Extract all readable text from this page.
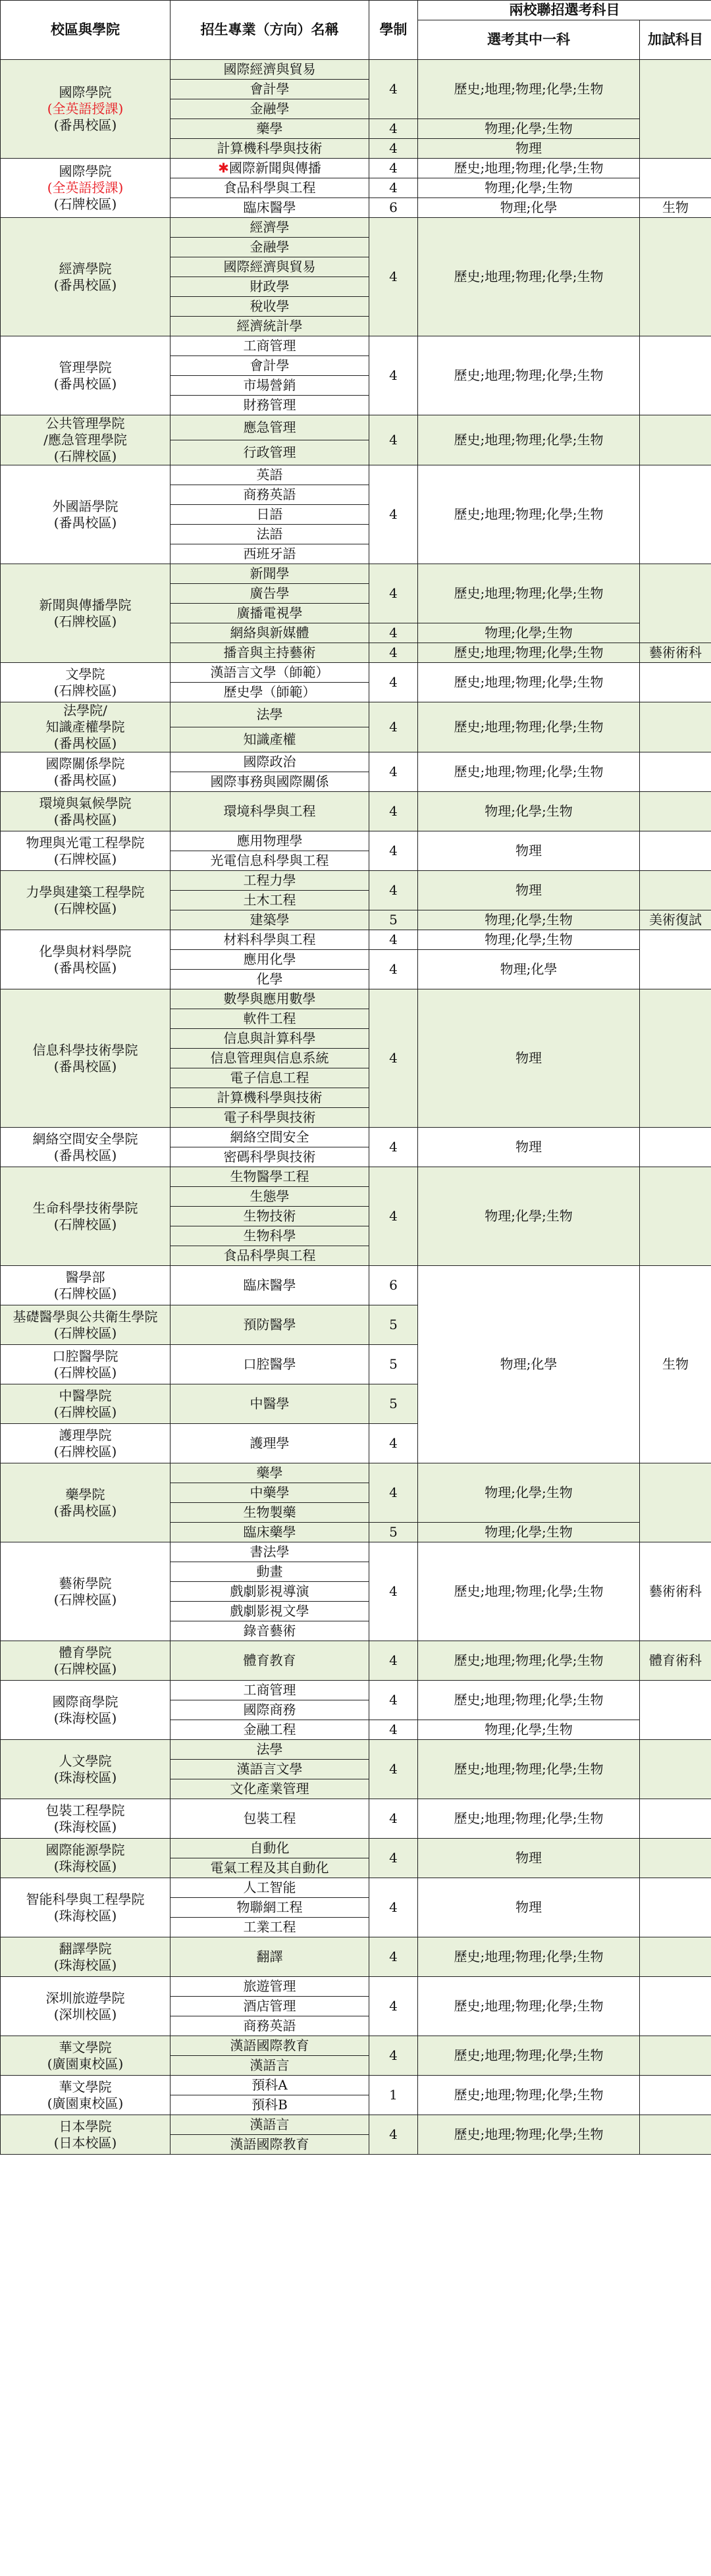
校區與學院	招生專業（方向）名稱	學制	兩校聯招選考科目	
			選考其中一科	加試科目

國際學院
(全英語授課)
(番禺校區)	國際經濟與貿易	4	歷史;地理;物理;化學;生物	
	會計學			
	金融學			
	藥學	4	物理;化學;生物	
	計算機科學與技術	4	物理	

國際學院
(全英語授課)
(石牌校區)	✱國際新聞與傳播	4	歷史;地理;物理;化學;生物	
	食品科學與工程	4	物理;化學;生物	
	臨床醫學	6	物理;化學	生物

經濟學院
(番禺校區)	經濟學	4	歷史;地理;物理;化學;生物	
	金融學			
	國際經濟與貿易			
	財政學			
	稅收學			
	經濟統計學			

管理學院
(番禺校區)	工商管理	4	歷史;地理;物理;化學;生物	
	會計學			
	市場營銷			
	財務管理			

公共管理學院
/應急管理學院
(石牌校區)	應急管理	4	歷史;地理;物理;化學;生物	
	行政管理			

外國語學院
(番禺校區)	英語	4	歷史;地理;物理;化學;生物	
	商務英語			
	日語			
	法語			
	西班牙語			

新聞與傳播學院
(石牌校區)	新聞學	4	歷史;地理;物理;化學;生物	
	廣告學			
	廣播電視學			
	網絡與新媒體	4	物理;化學;生物	
	播音與主持藝術	4	歷史;地理;物理;化學;生物	藝術術科

文學院
(石牌校區)	漢語言文學（師範）	4	歷史;地理;物理;化學;生物	
	歷史學（師範）			

法學院/
知識產權學院
(番禺校區)	法學	4	歷史;地理;物理;化學;生物	
	知識產權			

國際關係學院
(番禺校區)	國際政治	4	歷史;地理;物理;化學;生物	
	國際事務與國際關係			

環境與氣候學院
(番禺校區)	環境科學與工程	4	物理;化學;生物	

物理與光電工程學院
(石牌校區)	應用物理學	4	物理	
	光電信息科學與工程			

力學與建築工程學院
(石牌校區)	工程力學	4	物理	
	土木工程			
	建築學	5	物理;化學;生物	美術復試

化學與材料學院
(番禺校區)	材料科學與工程	4	物理;化學;生物	
	應用化學	4	物理;化學	
	化學			

信息科學技術學院
(番禺校區)	數學與應用數學	4	物理	
	軟件工程			
	信息與計算科學			
	信息管理與信息系統			
	電子信息工程			
	計算機科學與技術			
	電子科學與技術			

網絡空間安全學院
(番禺校區)	網絡空間安全	4	物理	
	密碼科學與技術			

生命科學技術學院
(石牌校區)	生物醫學工程	4	物理;化學;生物	
	生態學			
	生物技術			
	生物科學			
	食品科學與工程			

醫學部
(石牌校區)	臨床醫學	6	物理;化學	生物

基礎醫學與公共衛生學院
(石牌校區)	預防醫學	5		

口腔醫學院
(石牌校區)	口腔醫學	5		

中醫學院
(石牌校區)	中醫學	5		

護理學院
(石牌校區)	護理學	4		

藥學院
(番禺校區)	藥學	4	物理;化學;生物	
	中藥學			
	生物製藥			
	臨床藥學	5	物理;化學;生物	

藝術學院
(石牌校區)	書法學	4	歷史;地理;物理;化學;生物	藝術術科
	動畫			
	戲劇影視導演			
	戲劇影視文學			
	錄音藝術			

體育學院
(石牌校區)	體育教育	4	歷史;地理;物理;化學;生物	體育術科

國際商學院
(珠海校區)	工商管理	4	歷史;地理;物理;化學;生物	
	國際商務			
	金融工程	4	物理;化學;生物	

人文學院
(珠海校區)	法學	4	歷史;地理;物理;化學;生物	
	漢語言文學			
	文化產業管理			

包裝工程學院
(珠海校區)	包裝工程	4	歷史;地理;物理;化學;生物	

國際能源學院
(珠海校區)	自動化	4	物理	
	電氣工程及其自動化			

智能科學與工程學院
(珠海校區)	人工智能	4	物理	
	物聯網工程			
	工業工程			

翻譯學院
(珠海校區)	翻譯	4	歷史;地理;物理;化學;生物	

深圳旅遊學院
(深圳校區)	旅遊管理	4	歷史;地理;物理;化學;生物	
	酒店管理			
	商務英語			

華文學院
(廣園東校區)	漢語國際教育	4	歷史;地理;物理;化學;生物	
	漢語言			

華文學院
(廣園東校區)	預科A	1	歷史;地理;物理;化學;生物	
	預科B			

日本學院
(日本校區)	漢語言	4	歷史;地理;物理;化學;生物	
	漢語國際教育			
